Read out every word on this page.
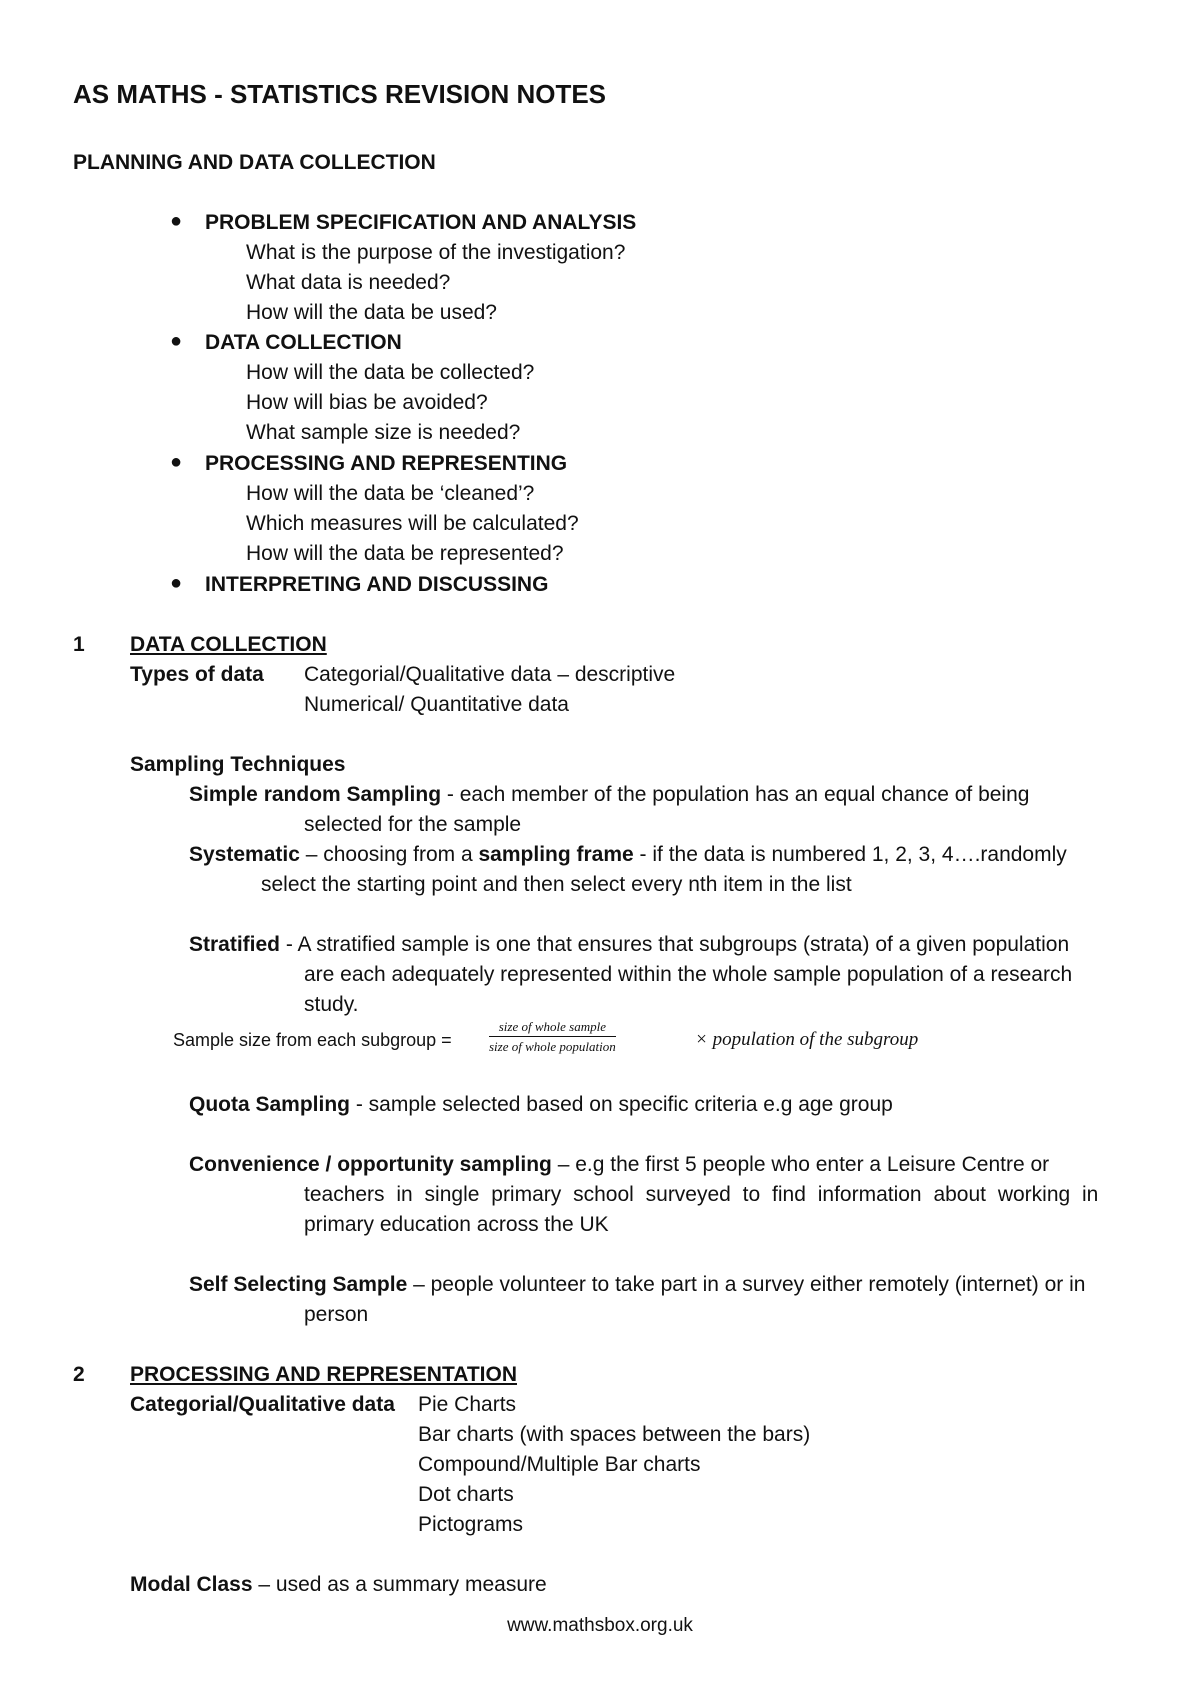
AS MATHS - STATISTICS REVISION NOTES
PLANNING AND DATA COLLECTION
● PROBLEM SPECIFICATION AND ANALYSIS
What is the purpose of the investigation?
What data is needed?
How will the data be used?
● DATA COLLECTION
How will the data be collected?
How will bias be avoided?
What sample size is needed?
● PROCESSING AND REPRESENTING
How will the data be ‘cleaned’?
Which measures will be calculated?
How will the data be represented?
● INTERPRETING AND DISCUSSING
1 DATA COLLECTION
Types of data Categorial/Qualitative data – descriptive
Numerical/ Quantitative data
Sampling Techniques
Simple random Sampling - each member of the population has an equal chance of being
selected for the sample
Systematic – choosing from a sampling frame - if the data is numbered 1, 2, 3, 4….randomly
select the starting point and then select every nth item in the list
Stratified - A stratified sample is one that ensures that subgroups (strata) of a given population
are each adequately represented within the whole sample population of a research
study.
Sample size from each subgroup =
size of whole sample
size of whole population	× population of the subgroup
Quota Sampling - sample selected based on specific criteria e.g age group
Convenience / opportunity sampling – e.g the first 5 people who enter a Leisure Centre or
teachers in single primary school surveyed to find information about working in
primary education across the UK
Self Selecting Sample – people volunteer to take part in a survey either remotely (internet) or in
person
2 PROCESSING AND REPRESENTATION
Categorial/Qualitative data Pie Charts
Bar charts (with spaces between the bars)
Compound/Multiple Bar charts
Dot charts
Pictograms
Modal Class – used as a summary measure
www.mathsbox.org.uk
